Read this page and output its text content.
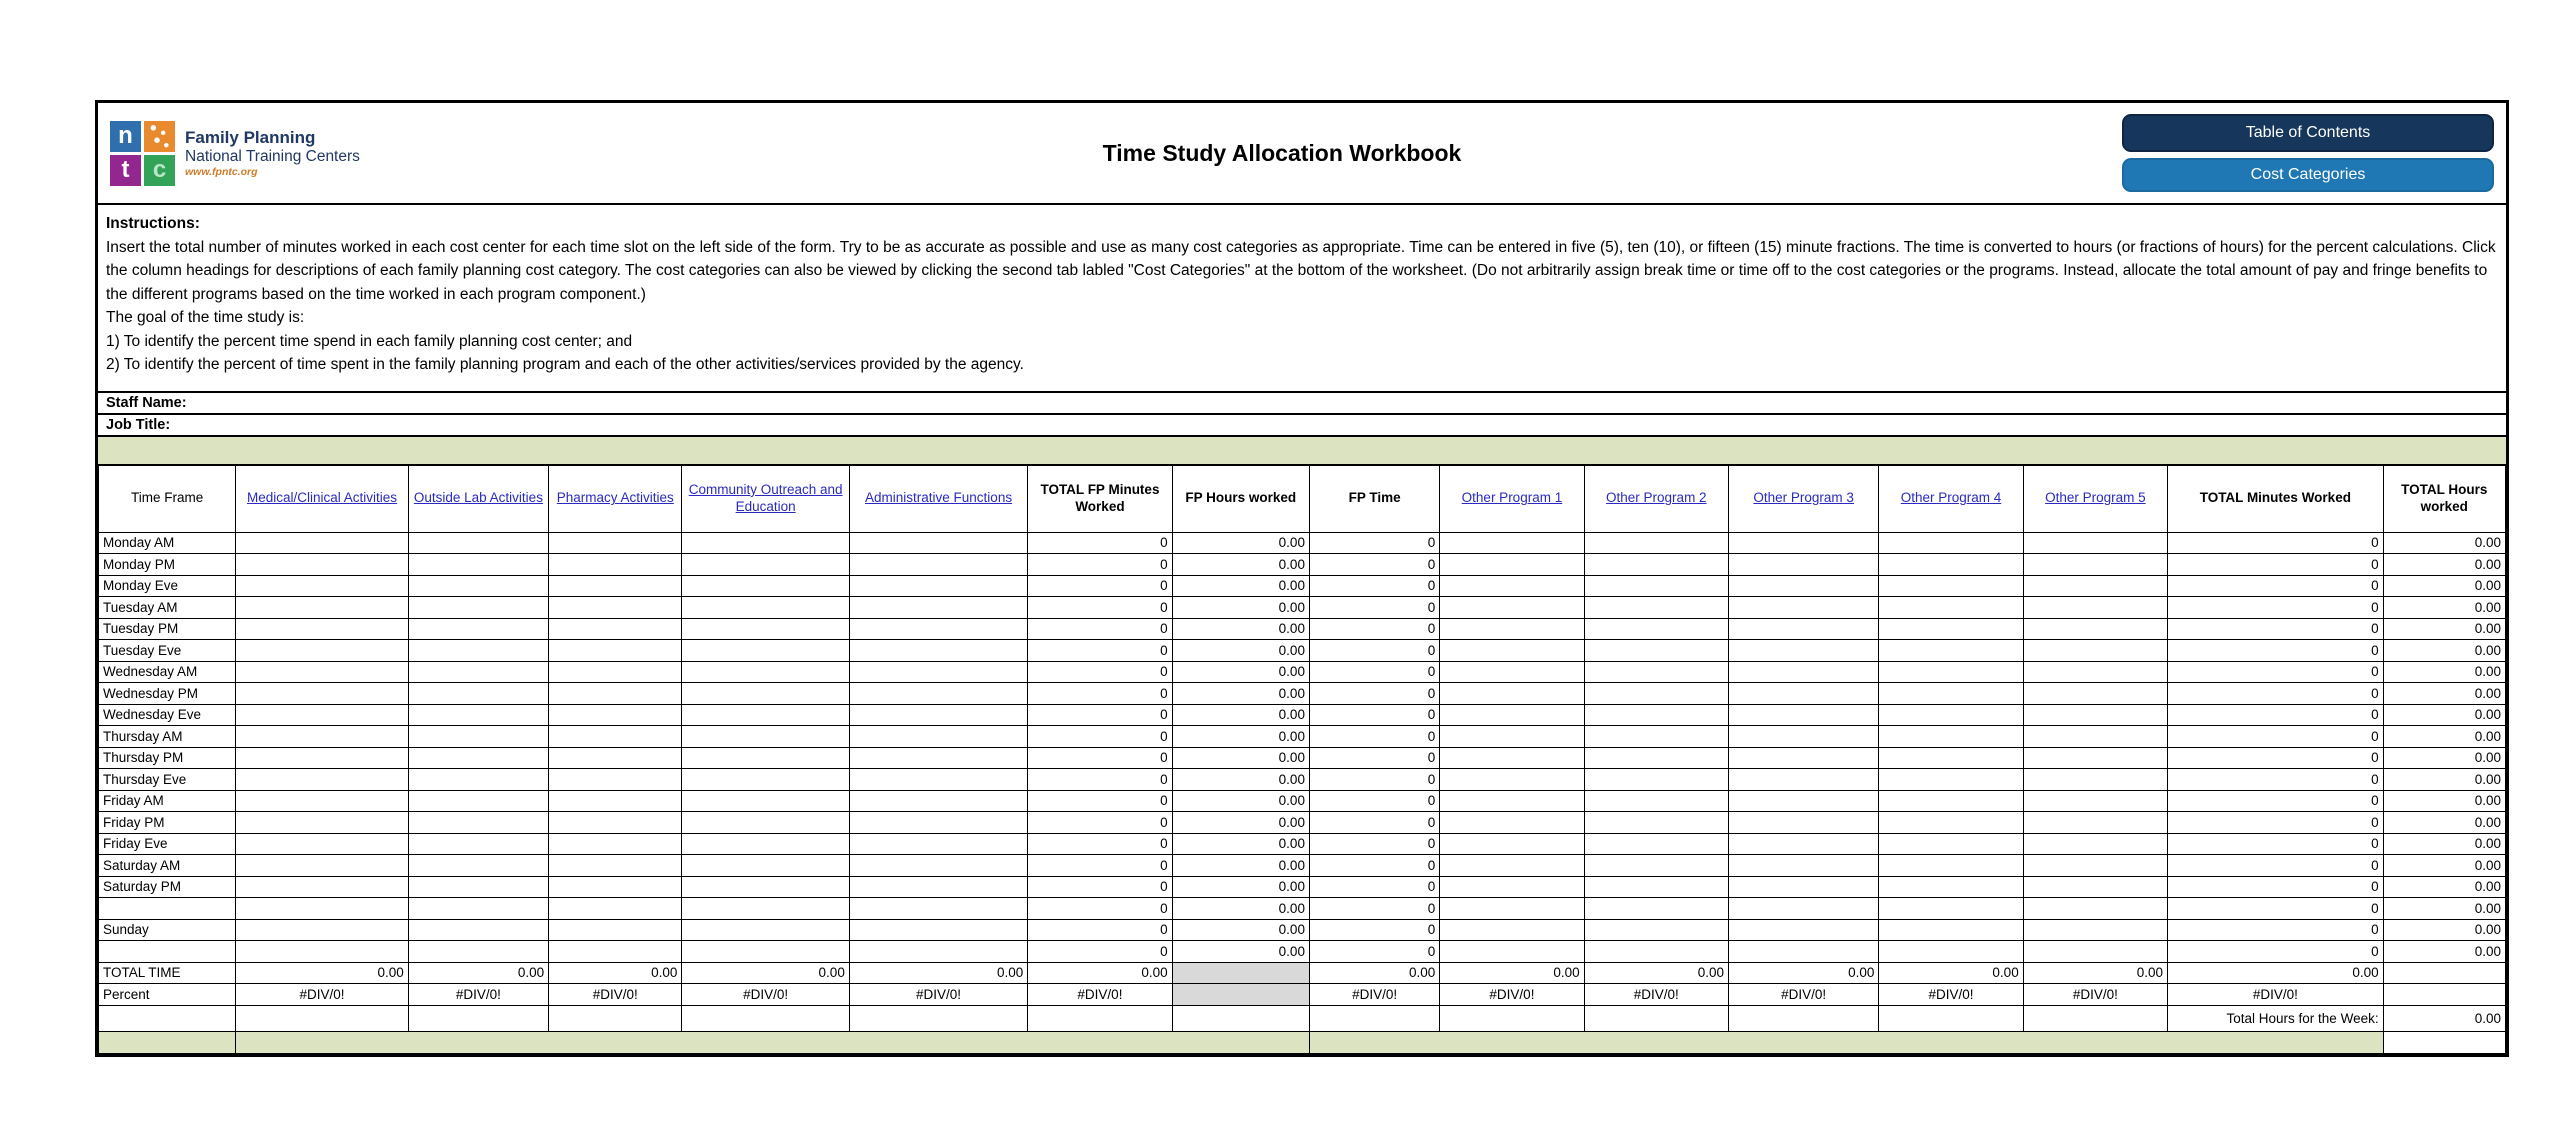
n
t c
Family Planning
National Training Centers
www.fpntc.org
Time Study Allocation Workbook
Table of Contents
Cost Categories
Instructions:
Insert the total number of minutes worked in each cost center for each time slot on the left side of the form. Try to be as accurate as possible and use as many cost categories as appropriate. Time can be entered in five (5), ten (10), or fifteen (15) minute fractions. The time is converted to hours (or fractions of hours) for the percent calculations. Click the column headings for descriptions of each family planning cost category. The cost categories can also be viewed by clicking the second tab labled "Cost Categories" at the bottom of the worksheet. (Do not arbitrarily assign break time or time off to the cost categories or the programs. Instead, allocate the total amount of pay and fringe benefits to the different programs based on the time worked in each program component.)
The goal of the time study is:
1) To identify the percent time spend in each family planning cost center; and
2) To identify the percent of time spent in the family planning program and each of the other activities/services provided by the agency.
Staff Name:
Job Title:
Time Frame	Medical/Clinical Activities	Outside Lab Activities	Pharmacy Activities	Community Outreach and Education	Administrative Functions	TOTAL FP Minutes Worked	FP Hours worked	FP Time	Other Program 1	Other Program 2	Other Program 3	Other Program 4	Other Program 5	TOTAL Minutes Worked	TOTAL Hours worked
Monday AM						0	0.00	0						0	0.00
Monday PM						0	0.00	0						0	0.00
Monday Eve						0	0.00	0						0	0.00
Tuesday AM						0	0.00	0						0	0.00
Tuesday PM						0	0.00	0						0	0.00
Tuesday Eve						0	0.00	0						0	0.00
Wednesday AM						0	0.00	0						0	0.00
Wednesday PM						0	0.00	0						0	0.00
Wednesday Eve						0	0.00	0						0	0.00
Thursday AM						0	0.00	0						0	0.00
Thursday PM						0	0.00	0						0	0.00
Thursday Eve						0	0.00	0						0	0.00
Friday AM						0	0.00	0						0	0.00
Friday PM						0	0.00	0						0	0.00
Friday Eve						0	0.00	0						0	0.00
Saturday AM						0	0.00	0						0	0.00
Saturday PM						0	0.00	0						0	0.00
						0	0.00	0						0	0.00
Sunday						0	0.00	0						0	0.00
						0	0.00	0						0	0.00
TOTAL TIME	0.00	0.00	0.00	0.00	0.00	0.00		0.00	0.00	0.00	0.00	0.00	0.00	0.00	
Percent	#DIV/0!	#DIV/0!	#DIV/0!	#DIV/0!	#DIV/0!	#DIV/0!		#DIV/0!	#DIV/0!	#DIV/0!	#DIV/0!	#DIV/0!	#DIV/0!	#DIV/0!	
														Total Hours for the Week:	0.00
